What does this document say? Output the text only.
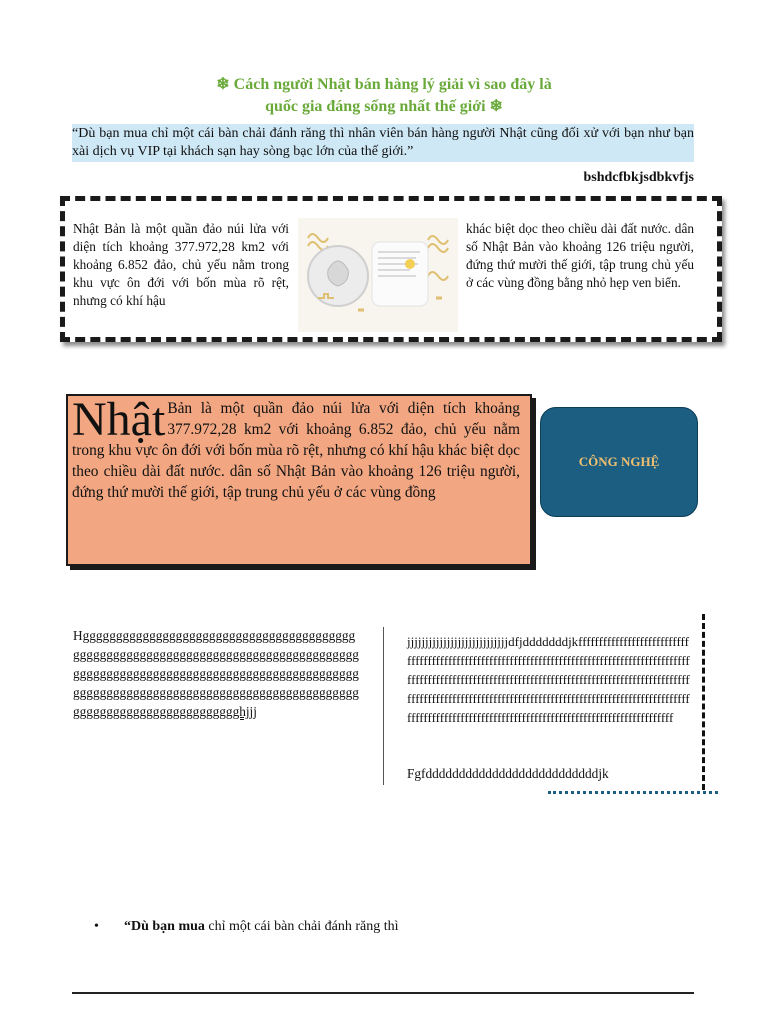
❄ Cách người Nhật bán hàng lý giải vì sao đây là
quốc gia đáng sống nhất thế giới ❄
“Dù bạn mua chỉ một cái bàn chải đánh răng thì nhân viên bán hàng người Nhật cũng đối xử với bạn như bạn xài dịch vụ VIP tại khách sạn hay sòng bạc lớn của thế giới.”
bshdcfbkjsdbkvfjs
Nhật Bản là một quần đảo núi lửa với diện tích khoảng 377.972,28 km2 với khoảng 6.852 đảo, chủ yếu nằm trong khu vực ôn đới với bốn mùa rõ rệt, nhưng có khí hậu
khác biệt dọc theo chiều dài đất nước. dân số Nhật Bản vào khoảng 126 triệu người, đứng thứ mười thế giới, tập trung chủ yếu ở các vùng đồng bằng nhỏ hẹp ven biển.
Nhật Bản là một quần đảo núi lửa với diện tích khoảng 377.972,28 km2 với khoảng 6.852 đảo, chủ yếu nằm trong khu vực ôn đới với bốn mùa rõ rệt, nhưng có khí hậu khác biệt dọc theo chiều dài đất nước. dân số Nhật Bản vào khoảng 126 triệu người, đứng thứ mười thế giới, tập trung chủ yếu ở các vùng đồng
CÔNG NGHỆ
Hggggggggggggggggggggggggggggggggggggggggggggggggggggggggggggggggggggggggggggggggggggggggggggggggggggggggggggggggggggggggggggggggggggggggggggggggggggggggggggggggggggggggggggggggggggggggggggggggggghjjj
jjjjjjjjjjjjjjjjjjjjjjjjjjjjdfjdddddddjkfffffffffffffffffffffffffffffffffffffffffffffffffffffffffffffffffffffffffffffffffffffffffffffffffffffffffffffffffffffffffffffffffffffffffffffffffffffffffffffffffffffffffffffffffffffffffffffffffffffffffffffffffffffffffffffffffffffffffffffffffffffffffffffffffffffffffffffffffffffffffffffffffffffffffff
Fgfddddddddddddddddddddddddddjk
• “Dù bạn mua chỉ một cái bàn chải đánh răng thì
